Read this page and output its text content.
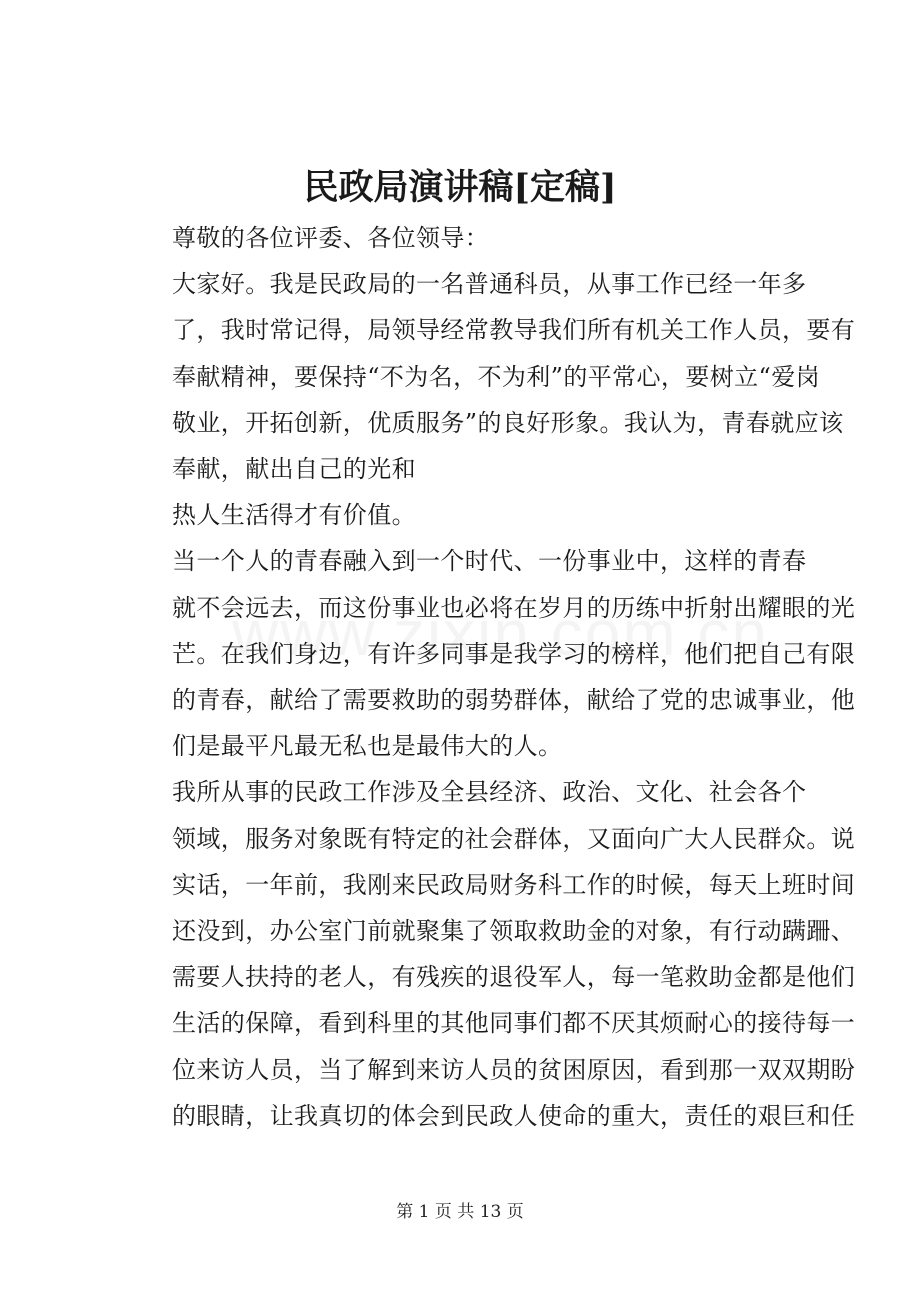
民政局演讲稿[定稿]

尊敬的各位评委、各位领导：

大家好。我是民政局的一名普通科员，从事工作已经一年多
了，我时常记得，局领导经常教导我们所有机关工作人员，要有
奉献精神，要保持“不为名，不为利”的平常心，要树立“爱岗
敬业，开拓创新，优质服务”的良好形象。我认为，青春就应该
奉献，献出自己的光和

热人生活得才有价值。

当一个人的青春融入到一个时代、一份事业中，这样的青春
就不会远去，而这份事业也必将在岁月的历练中折射出耀眼的光
芒。在我们身边，有许多同事是我学习的榜样，他们把自己有限
的青春，献给了需要救助的弱势群体，献给了党的忠诚事业，他
们是最平凡最无私也是最伟大的人。

我所从事的民政工作涉及全县经济、政治、文化、社会各个
领域，服务对象既有特定的社会群体，又面向广大人民群众。说
实话，一年前，我刚来民政局财务科工作的时候，每天上班时间
还没到，办公室门前就聚集了领取救助金的对象，有行动蹒跚、
需要人扶持的老人，有残疾的退役军人，每一笔救助金都是他们
生活的保障，看到科里的其他同事们都不厌其烦耐心的接待每一
位来访人员，当了解到来访人员的贫困原因，看到那一双双期盼
的眼睛，让我真切的体会到民政人使命的重大，责任的艰巨和任

第 1 页 共 13 页
